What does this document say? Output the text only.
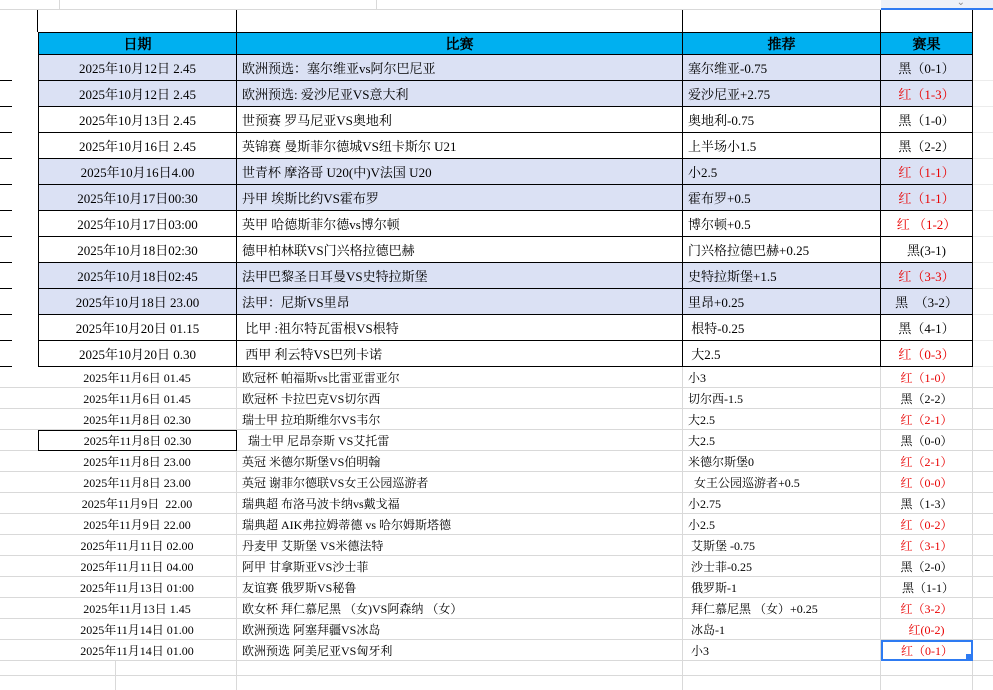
⌄
日期	比赛	推荐	赛果
2025年10月12日 2.45	欧洲预选：塞尔维亚vs阿尔巴尼亚	塞尔维亚-0.75	黑（0-1）
2025年10月12日 2.45	欧洲预选: 爱沙尼亚VS意大利	爱沙尼亚+2.75	红（1-3）
2025年10月13日 2.45	世预赛 罗马尼亚VS奥地利	奥地利-0.75	黑（1-0）
2025年10月16日 2.45	英锦赛 曼斯菲尔德城VS纽卡斯尔 U21	上半场小1.5	黑（2-2）
2025年10月16日4.00	世青杯 摩洛哥 U20(中)V法国 U20	小2.5	红（1-1）
2025年10月17日00:30	丹甲 埃斯比约VS霍布罗	霍布罗+0.5	红（1-1）
2025年10月17日03:00	英甲 哈德斯菲尔德vs博尔顿	博尔顿+0.5	红 （1-2）
2025年10月18日02:30	德甲柏林联VS门兴格拉德巴赫	门兴格拉德巴赫+0.25	黑(3-1)
2025年10月18日02:45	法甲巴黎圣日耳曼VS史特拉斯堡	史特拉斯堡+1.5	红（3-3）
2025年10月18日 23.00	法甲：尼斯VS里昂	里昂+0.25	黑　（3-2）
2025年10月20日 01.15	比甲 :祖尔特瓦雷根VS根特	根特-0.25	黑（4-1）
2025年10月20日 0.30	西甲 利云特VS巴列卡诺	大2.5	红（0-3）
2025年11月6日 01.45	欧冠杯 帕福斯vs比雷亚雷亚尔	小3	红（1-0）
2025年11月6日 01.45	欧冠杯 卡拉巴克VS切尔西	切尔西-1.5	黑（2-2）
2025年11月8日 02.30	瑞士甲 拉珀斯维尔VS韦尔	大2.5	红（2-1）
2025年11月8日 02.30	瑞士甲 尼昂奈斯 VS艾托雷	大2.5	黑（0-0）
2025年11月8日 23.00	英冠 米德尔斯堡VS伯明翰	米德尔斯堡0	红（2-1）
2025年11月8日 23.00	英冠 谢菲尔德联VS女王公园巡游者	女王公园巡游者+0.5	红（0-0）
2025年11月9日  22.00	瑞典超 布洛马波卡纳vs戴戈福	小2.75	黑（1-3）
2025年11月9日 22.00	瑞典超 AIK弗拉姆蒂德 vs 哈尔姆斯塔德	小2.5	红（0-2）
2025年11月11日 02.00	丹麦甲 艾斯堡 VS米德法特	艾斯堡 -0.75	红（3-1）
2025年11月11日 04.00	阿甲 甘拿斯亚VS沙士菲	沙士菲-0.25	黑（2-0）
2025年11月13日 01:00	友谊赛 俄罗斯VS秘鲁	俄罗斯-1	黑（1-1）
2025年11月13日 1.45	欧女杯 拜仁慕尼黑 （女)VS阿森纳 （女）	拜仁慕尼黑 （女）+0.25	红（3-2）
2025年11月14日 01.00	欧洲预选 阿塞拜疆VS冰岛	冰岛-1	红(0-2)
2025年11月14日 01.00	欧洲预选 阿美尼亚VS匈牙利	小3	红（0-1）
